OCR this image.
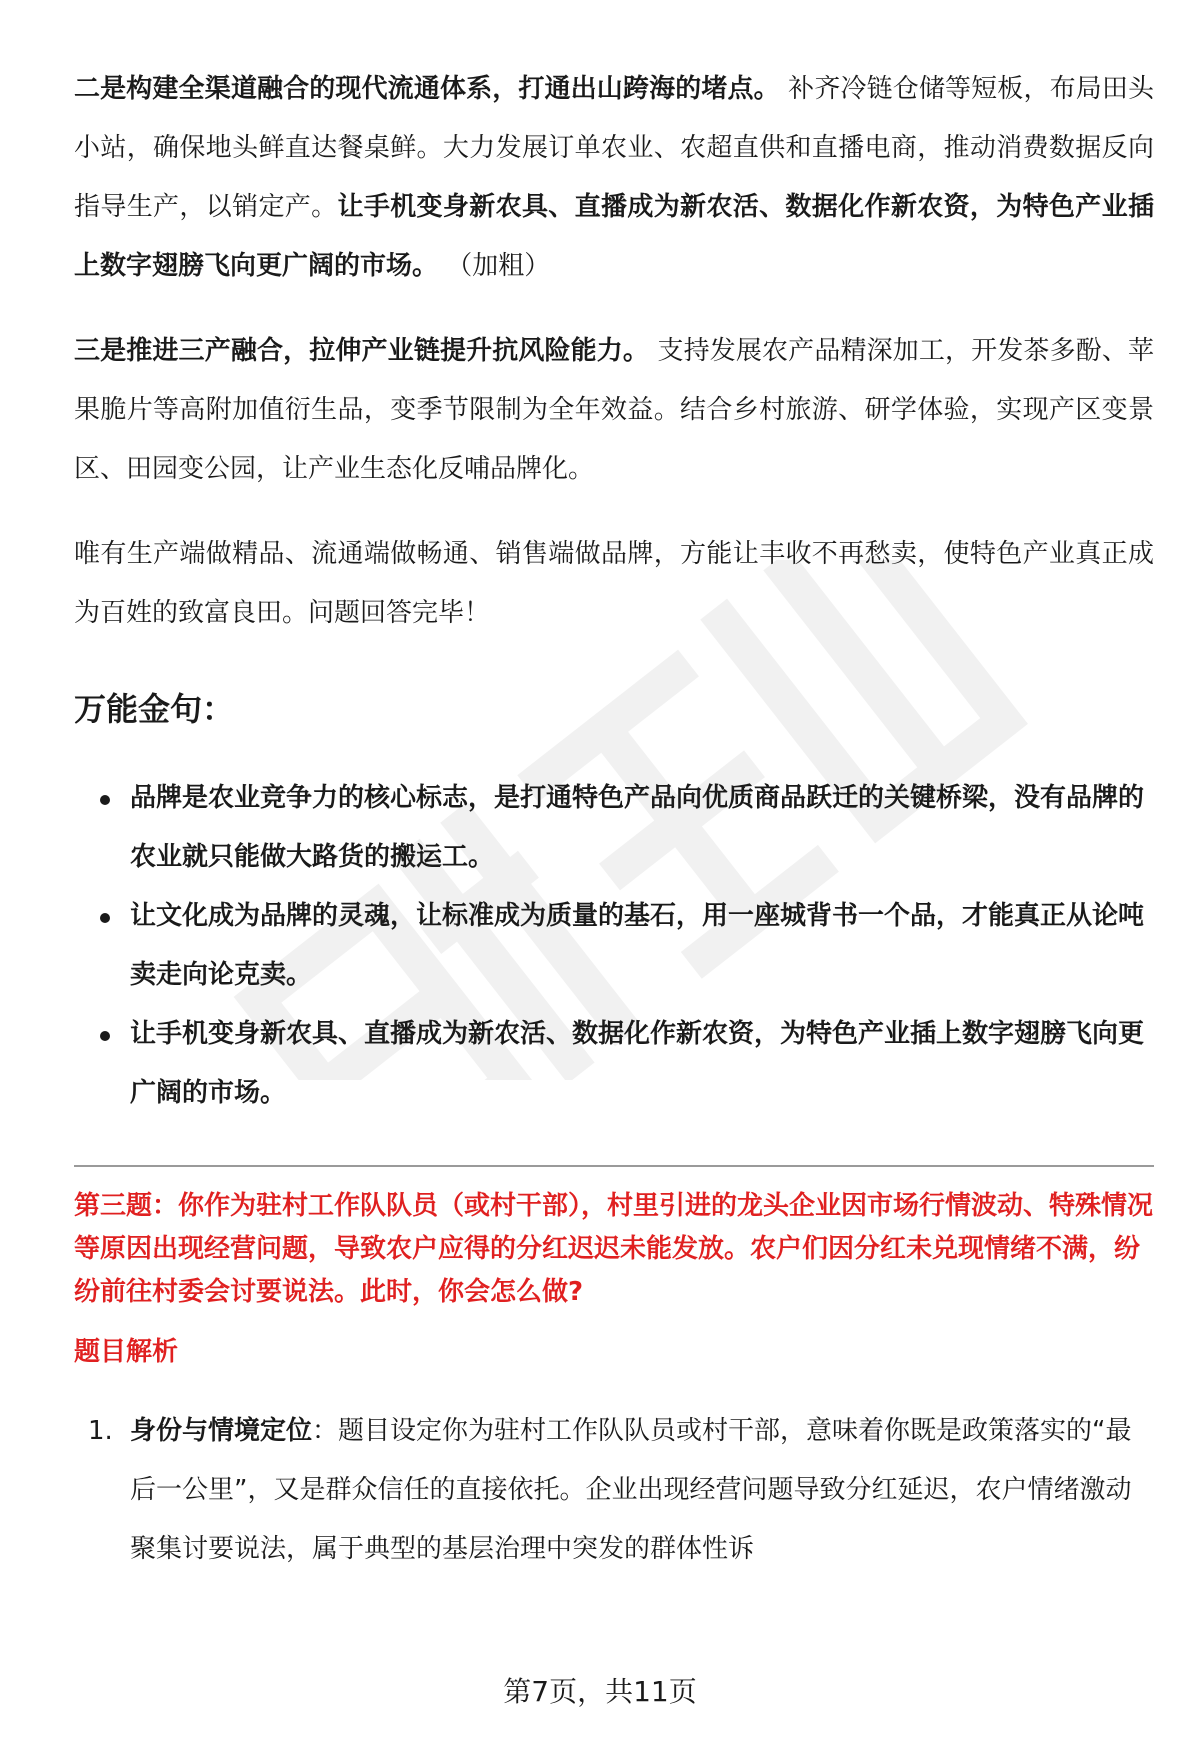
二是构建全渠道融合的现代流通体系，打通出山跨海的堵点。 补齐冷链仓储等短板，布局田头小站，确保地头鲜直达餐桌鲜。大力发展订单农业、农超直供和直播电商，推动消费数据反向指导生产，以销定产。让手机变身新农具、直播成为新农活、数据化作新农资，为特色产业插上数字翅膀飞向更广阔的市场。 （加粗）

三是推进三产融合，拉伸产业链提升抗风险能力。 支持发展农产品精深加工，开发茶多酚、苹果脆片等高附加值衍生品，变季节限制为全年效益。结合乡村旅游、研学体验，实现产区变景区、田园变公园，让产业生态化反哺品牌化。

唯有生产端做精品、流通端做畅通、销售端做品牌，方能让丰收不再愁卖，使特色产业真正成为百姓的致富良田。问题回答完毕！

万能金句：
品牌是农业竞争力的核心标志，是打通特色产品向优质商品跃迁的关键桥梁，没有品牌的农业就只能做大路货的搬运工。
让文化成为品牌的灵魂，让标准成为质量的基石，用一座城背书一个品，才能真正从论吨卖走向论克卖。
让手机变身新农具、直播成为新农活、数据化作新农资，为特色产业插上数字翅膀飞向更广阔的市场。

第三题：你作为驻村工作队队员（或村干部），村里引进的龙头企业因市场行情波动、特殊情况等原因出现经营问题，导致农户应得的分红迟迟未能发放。农户们因分红未兑现情绪不满，纷纷前往村委会讨要说法。此时，你会怎么做?

题目解析

1. 身份与情境定位：题目设定你为驻村工作队队员或村干部，意味着你既是政策落实的“最后一公里”，又是群众信任的直接依托。企业出现经营问题导致分红延迟，农户情绪激动聚集讨要说法，属于典型的基层治理中突发的群体性诉
第7页，共11页
